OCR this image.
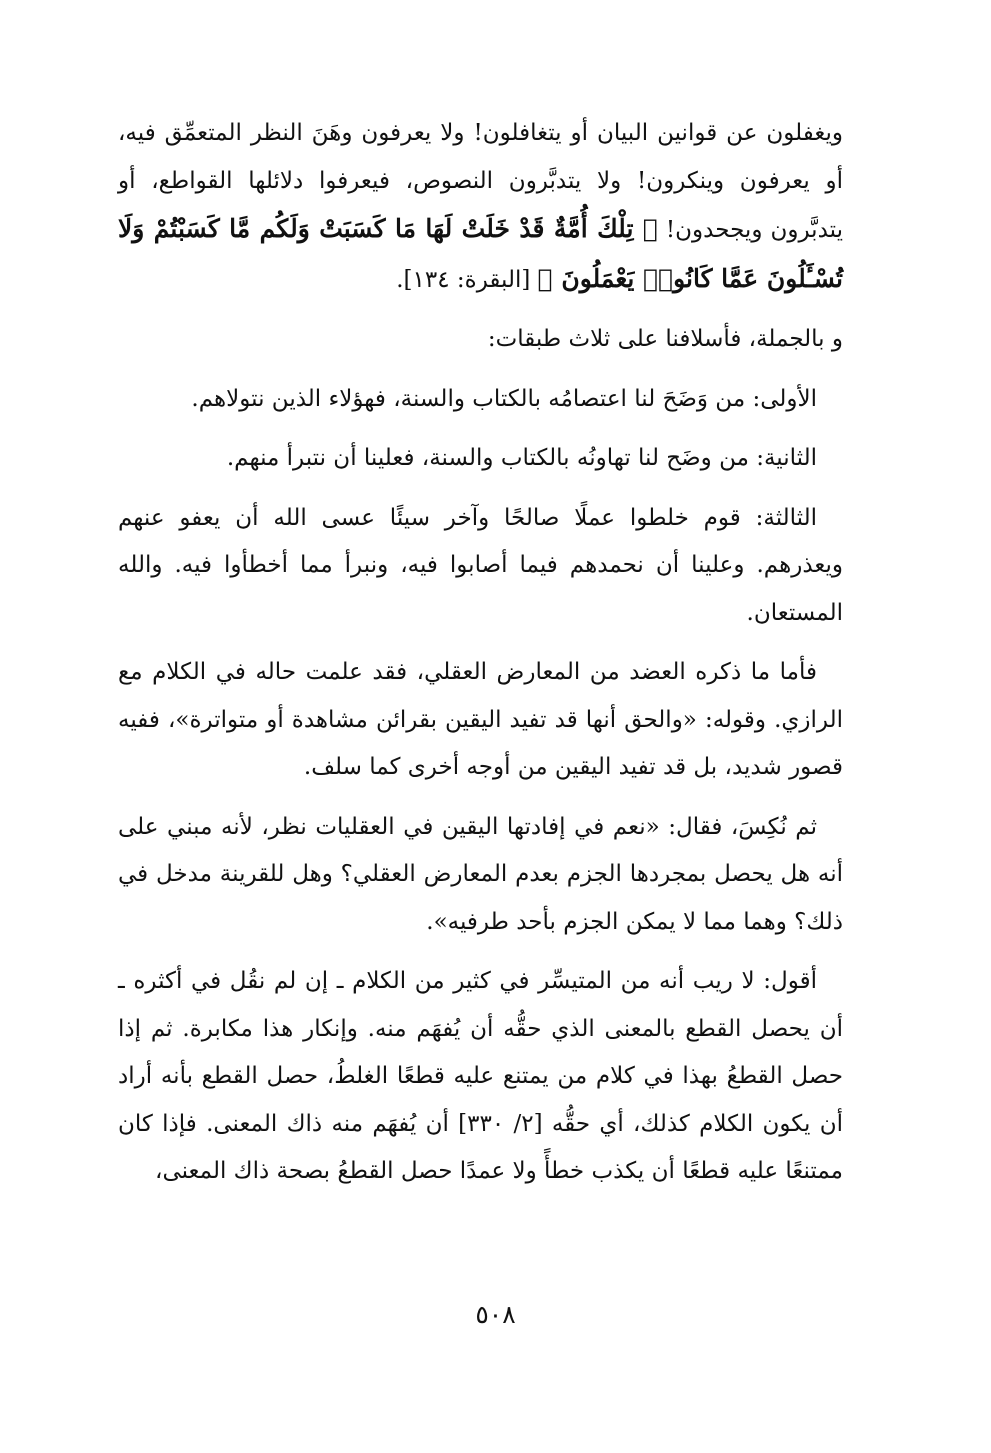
ويغفلون عن قوانين البيان أو يتغافلون! ولا يعرفون وهَنَ النظر المتعمِّق فيه، أو يعرفون وينكرون! ولا يتدبَّرون النصوص، فيعرفوا دلائلها القواطع، أو يتدبَّرون ويجحدون! ﴿ تِلْكَ أُمَّةٌ قَدْ خَلَتْ لَهَا مَا كَسَبَتْ وَلَكُم مَّا كَسَبْتُمْ وَلَا تُسْـَٔلُونَ عَمَّا كَانُوا۟ يَعْمَلُونَ ﴾ [البقرة: ١٣٤].

و بالجملة، فأسلافنا على ثلاث طبقات:

الأولى: من وَضَحَ لنا اعتصامُه بالكتاب والسنة، فهؤلاء الذين نتولاهم.

الثانية: من وضَح لنا تهاونُه بالكتاب والسنة، فعلينا أن نتبرأ منهم.

الثالثة: قوم خلطوا عملًا صالحًا وآخر سيئًا عسى الله أن يعفو عنهم ويعذرهم. وعلينا أن نحمدهم فيما أصابوا فيه، ونبرأ مما أخطأوا فيه. والله المستعان.

فأما ما ذكره العضد من المعارض العقلي، فقد علمت حاله في الكلام مع الرازي. وقوله: «والحق أنها قد تفيد اليقين بقرائن مشاهدة أو متواترة»، ففيه قصور شديد، بل قد تفيد اليقين من أوجه أخرى كما سلف.

ثم نُكِسَ، فقال: «نعم في إفادتها اليقين في العقليات نظر، لأنه مبني على أنه هل يحصل بمجردها الجزم بعدم المعارض العقلي؟ وهل للقرينة مدخل في ذلك؟ وهما مما لا يمكن الجزم بأحد طرفيه».

أقول: لا ريب أنه من المتيسِّر في كثير من الكلام ـ إن لم نقُل في أكثره ـ أن يحصل القطع بالمعنى الذي حقُّه أن يُفهَم منه. وإنكار هذا مكابرة. ثم إذا حصل القطعُ بهذا في كلام من يمتنع عليه قطعًا الغلطُ، حصل القطع بأنه أراد أن يكون الكلام كذلك، أي حقُّه [٢/ ٣٣٠] أن يُفهَم منه ذاك المعنى. فإذا كان ممتنعًا عليه قطعًا أن يكذب خطأً ولا عمدًا حصل القطعُ بصحة ذاك المعنى،

٥٠٨
